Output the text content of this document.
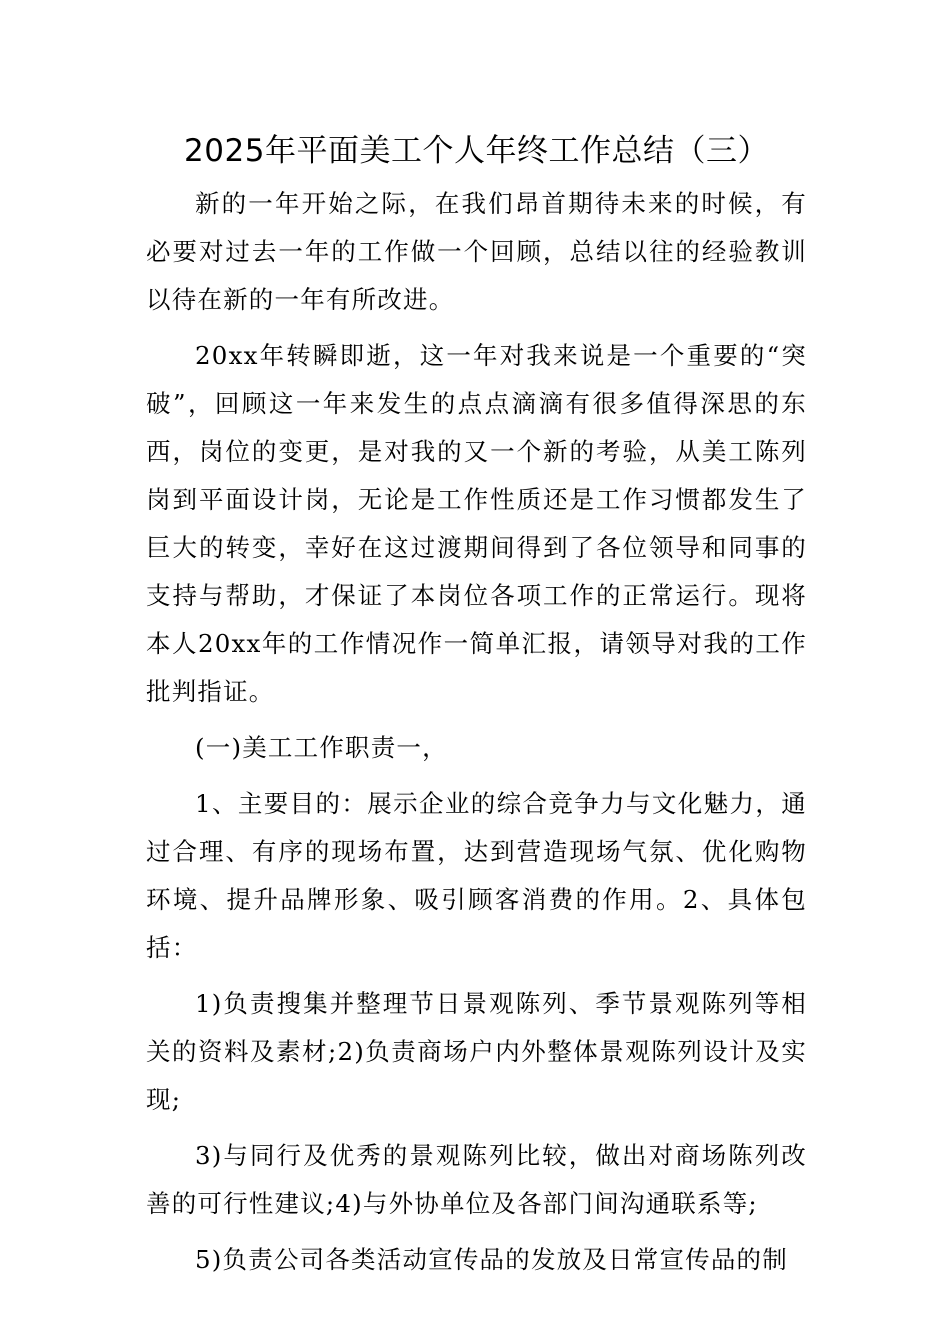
2025年平面美工个人年终工作总结（三）

新的一年开始之际，在我们昂首期待未来的时候，有必要对过去一年的工作做一个回顾，总结以往的经验教训以待在新的一年有所改进。

20xx年转瞬即逝，这一年对我来说是一个重要的“突破”，回顾这一年来发生的点点滴滴有很多值得深思的东西，岗位的变更，是对我的又一个新的考验，从美工陈列岗到平面设计岗，无论是工作性质还是工作习惯都发生了巨大的转变，幸好在这过渡期间得到了各位领导和同事的支持与帮助，才保证了本岗位各项工作的正常运行。现将本人20xx年的工作情况作一简单汇报，请领导对我的工作批判指证。

(一)美工工作职责一，

1、主要目的：展示企业的综合竞争力与文化魅力，通过合理、有序的现场布置，达到营造现场气氛、优化购物环境、提升品牌形象、吸引顾客消费的作用。2、具体包括：

1)负责搜集并整理节日景观陈列、季节景观陈列等相关的资料及素材;2)负责商场户内外整体景观陈列设计及实现;

3)与同行及优秀的景观陈列比较，做出对商场陈列改善的可行性建议;4)与外协单位及各部门间沟通联系等;

5)负责公司各类活动宣传品的发放及日常宣传品的制
